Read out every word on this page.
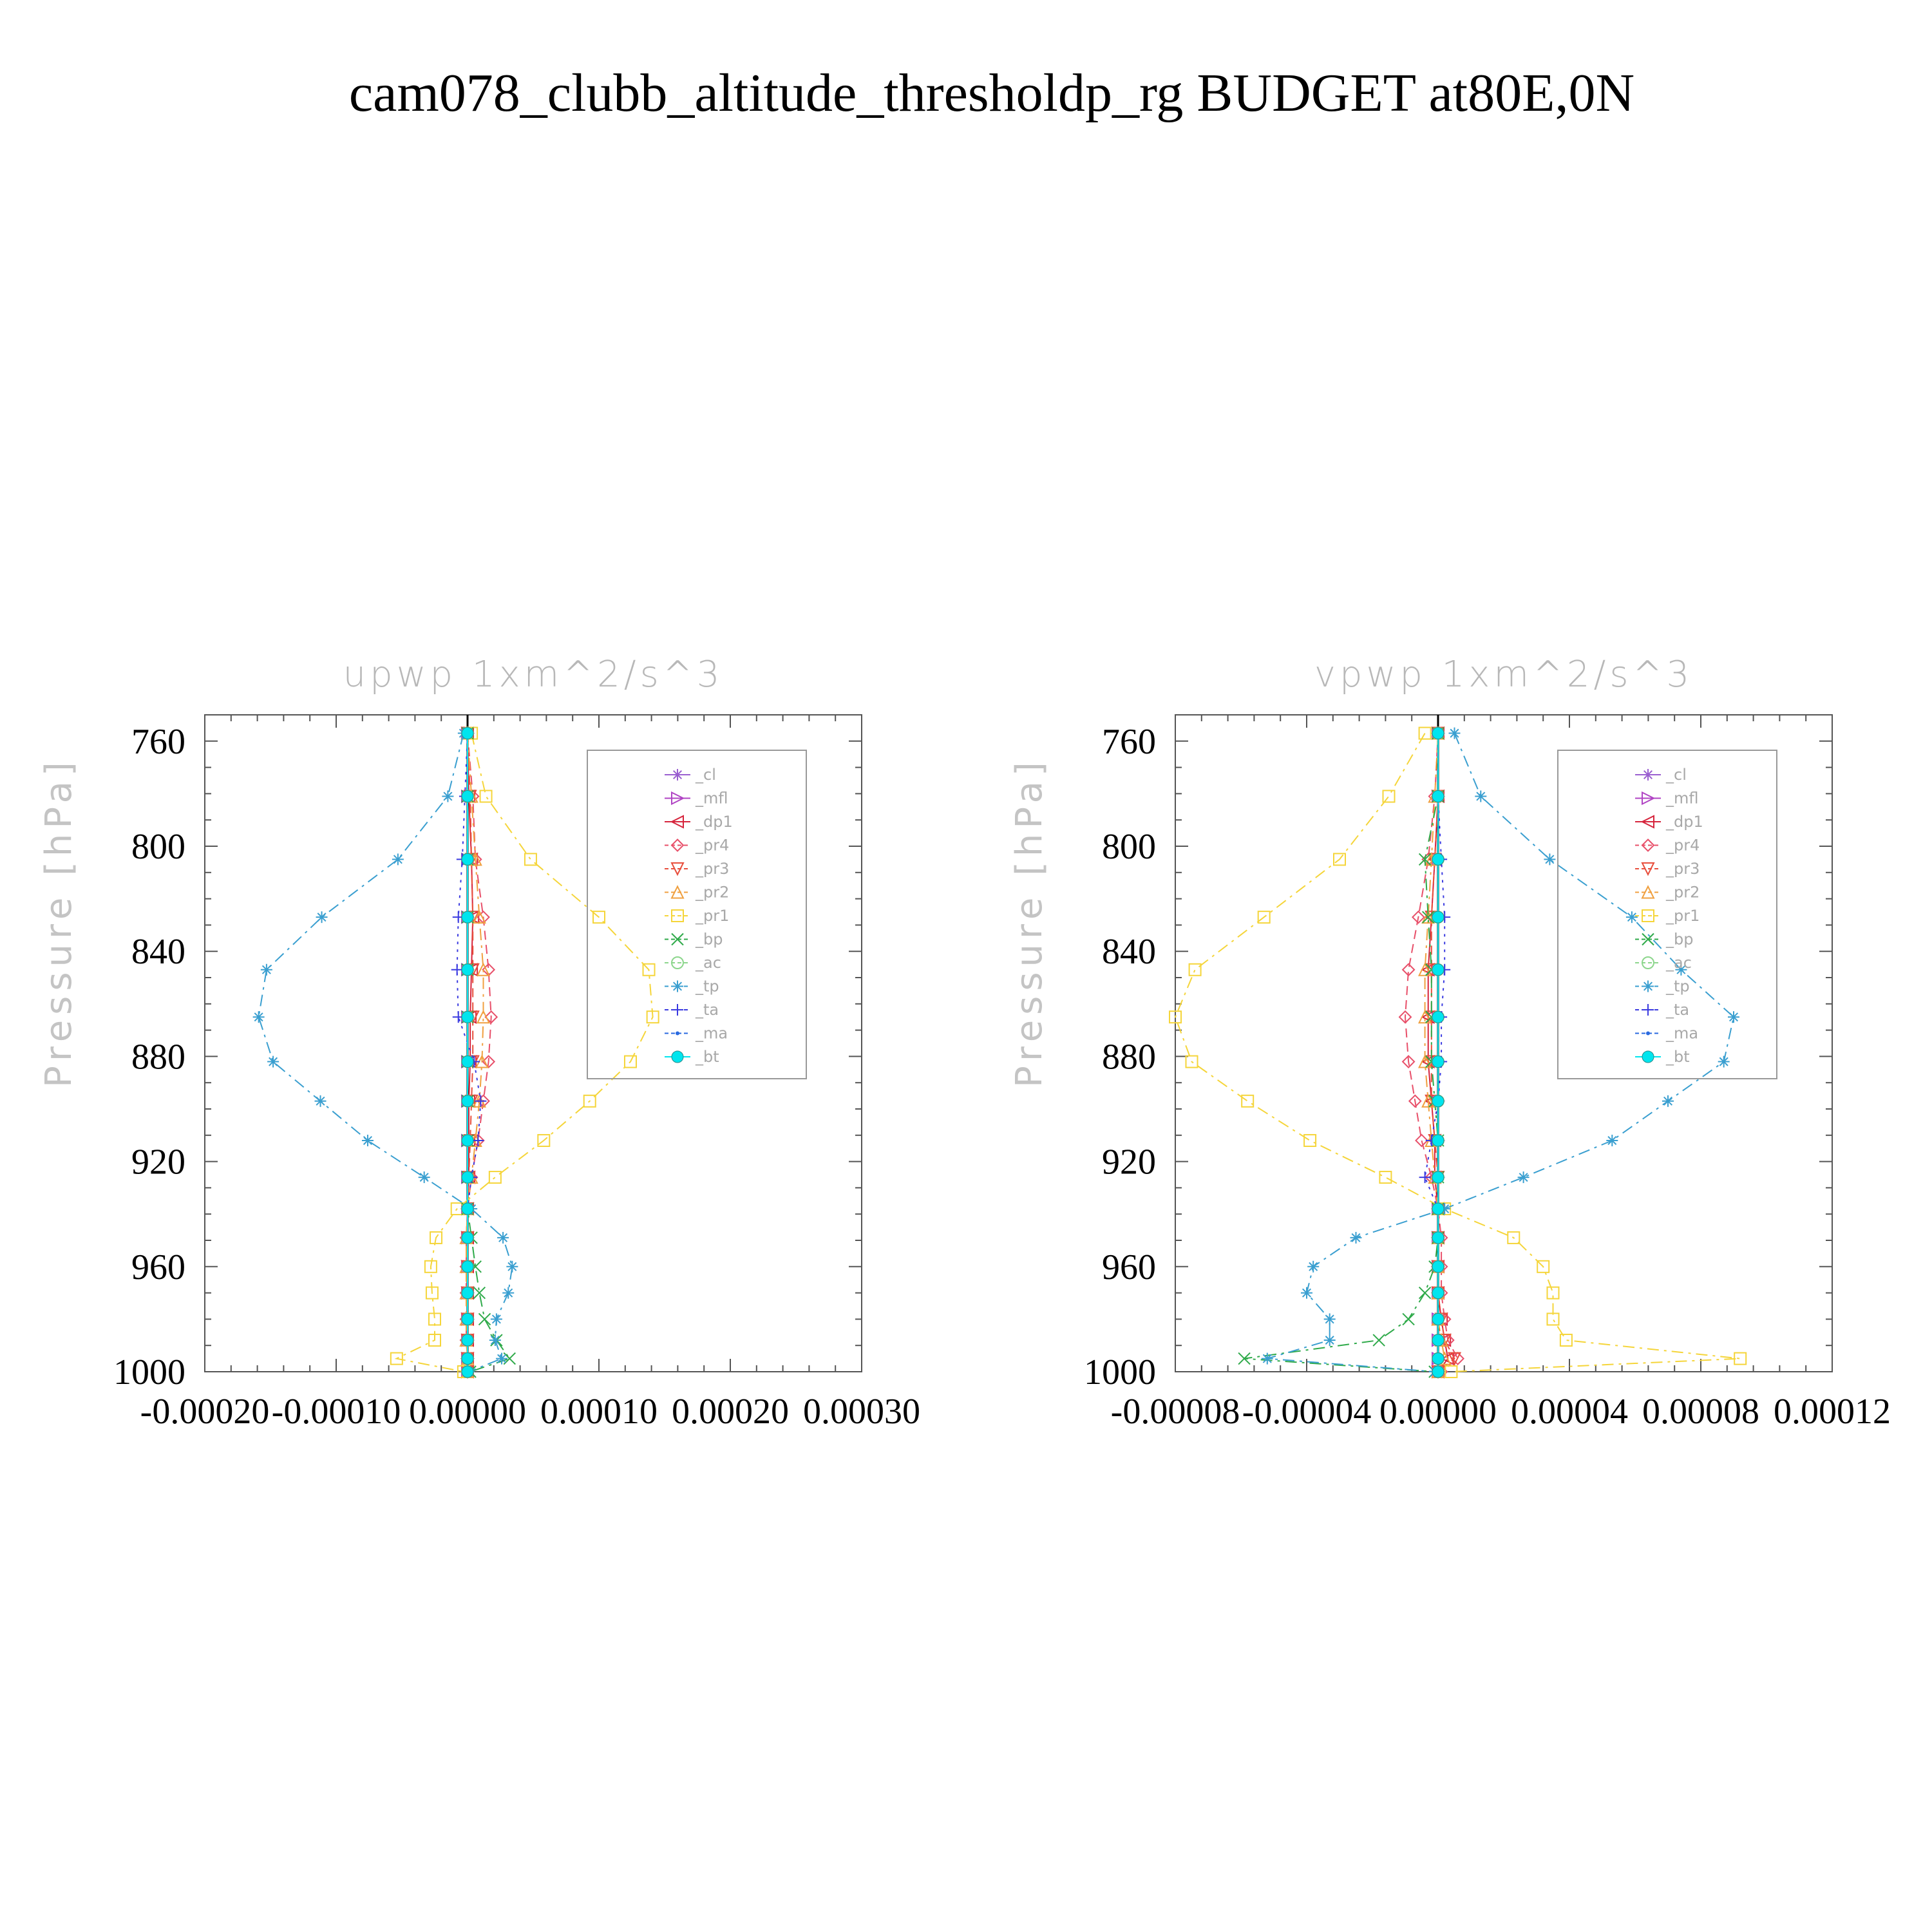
cam078_clubb_altitude_thresholdp_rg BUDGET at80E,0N
upwp 1xm^2/s^3
Pressure [hPa]
-0.00020 -0.00010 0.00000 0.00010 0.00020 0.00030
760
800
840
880
920
960
1000
_cl
_mfl
_dp1
_pr4
_pr3
_pr2
_pr1
_bp
_ac
_tp
_ta
_ma
_bt
vpwp 1xm^2/s^3
Pressure [hPa]
-0.00008 -0.00004 0.00000 0.00004 0.00008 0.00012
760
800
840
880
920
960
1000
_cl
_mfl
_dp1
_pr4
_pr3
_pr2
_pr1
_bp
_ac
_tp
_ta
_ma
_bt
